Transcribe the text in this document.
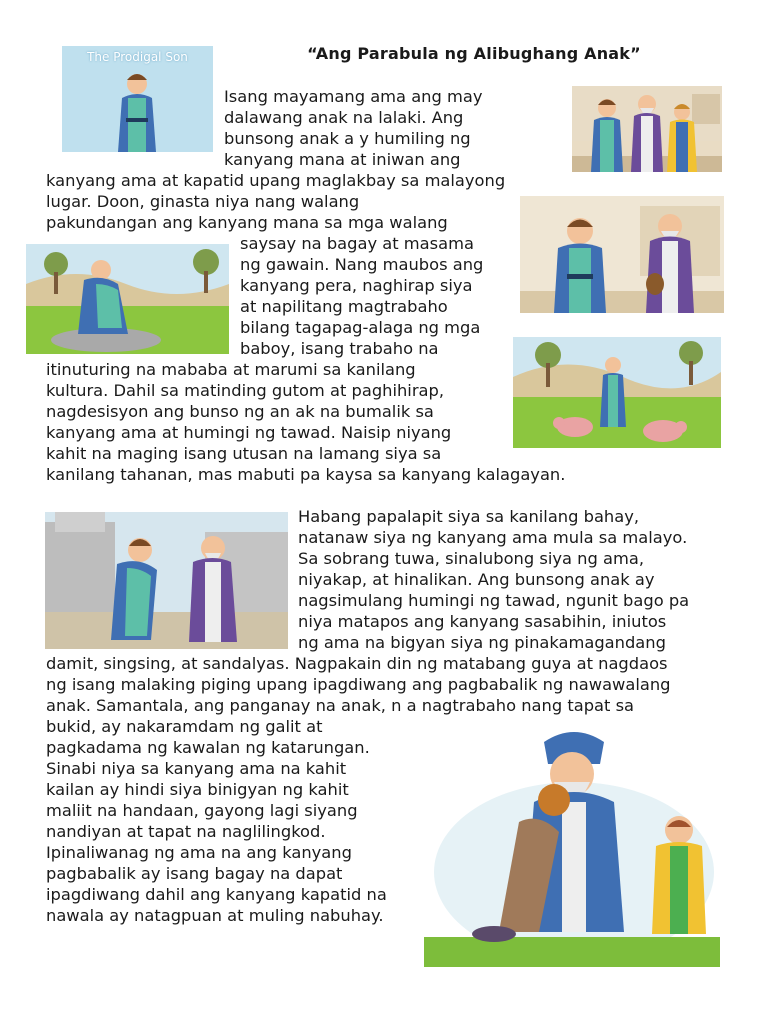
“Ang Parabula ng Alibughang Anak”
The Prodigal Son
Isang mayamang ama ang may
dalawang anak na lalaki. Ang
bunsong anak a y humiling ng
kanyang mana at iniwan ang
kanyang ama at kapatid upang maglakbay sa malayong
lugar. Doon, ginasta niya nang walang
pakundangan ang kanyang mana sa mga walang
saysay na bagay at masama
ng gawain. Nang maubos ang
kanyang pera, naghirap siya
at napilitang magtrabaho
bilang tagapag-alaga ng mga
baboy, isang trabaho na
itinuturing na mababa at marumi sa kanilang
kultura. Dahil sa matinding gutom at paghihirap,
nagdesisyon ang bunso ng an ak na bumalik sa
kanyang ama at humingi ng tawad. Naisip niyang
kahit na maging isang utusan na lamang siya sa
kanilang tahanan, mas mabuti pa kaysa sa kanyang kalagayan.
Habang papalapit siya sa kanilang bahay,
natanaw siya ng kanyang ama mula sa malayo.
Sa sobrang tuwa, sinalubong siya ng ama,
niyakap, at hinalikan. Ang bunsong anak ay
nagsimulang humingi ng tawad, ngunit bago pa
niya matapos ang kanyang sasabihin, iniutos
ng ama na bigyan siya ng pinakamagandang
damit, singsing, at sandalyas. Nagpakain din ng matabang guya at nagdaos
ng isang malaking piging upang ipagdiwang ang pagbabalik ng nawawalang
anak. Samantala, ang panganay na anak, n a nagtrabaho nang tapat sa
bukid, ay nakaramdam ng galit at
pagkadama ng kawalan ng katarungan.
Sinabi niya sa kanyang ama na kahit
kailan ay hindi siya binigyan ng kahit
maliit na handaan, gayong lagi siyang
nandiyan at tapat na naglilingkod.
Ipinaliwanag ng ama na ang kanyang
pagbabalik ay isang bagay na dapat
ipagdiwang dahil ang kanyang kapatid na
nawala ay natagpuan at muling nabuhay.
